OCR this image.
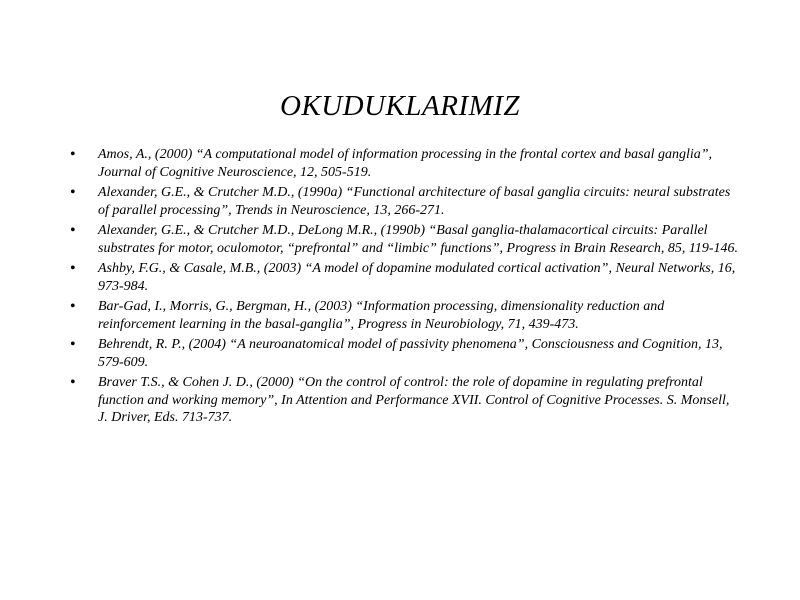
OKUDUKLARIMIZ
• Amos, A., (2000) “A computational model of information processing in the frontal cortex and basal ganglia”, Journal of Cognitive Neuroscience, 12, 505-519.
• Alexander, G.E., & Crutcher M.D., (1990a) “Functional architecture of basal ganglia circuits: neural substrates of parallel processing”, Trends in Neuroscience, 13, 266-271.
• Alexander, G.E., & Crutcher M.D., DeLong M.R., (1990b) “Basal ganglia-thalamacortical circuits: Parallel substrates for motor, oculomotor, “prefrontal” and “limbic” functions”, Progress in Brain Research, 85, 119-146.
• Ashby, F.G., & Casale, M.B., (2003) “A model of dopamine modulated cortical activation”, Neural Networks, 16, 973-984.
• Bar-Gad, I., Morris, G., Bergman, H., (2003) “Information processing, dimensionality reduction and reinforcement learning in the basal-ganglia”, Progress in Neurobiology, 71, 439-473.
• Behrendt, R. P., (2004) “A neuroanatomical model of passivity phenomena”, Consciousness and Cognition, 13, 579-609.
• Braver T.S., & Cohen J. D., (2000) “On the control of control: the role of dopamine in regulating prefrontal function and working memory”, In Attention and Performance XVII. Control of Cognitive Processes. S. Monsell, J. Driver, Eds. 713-737.
